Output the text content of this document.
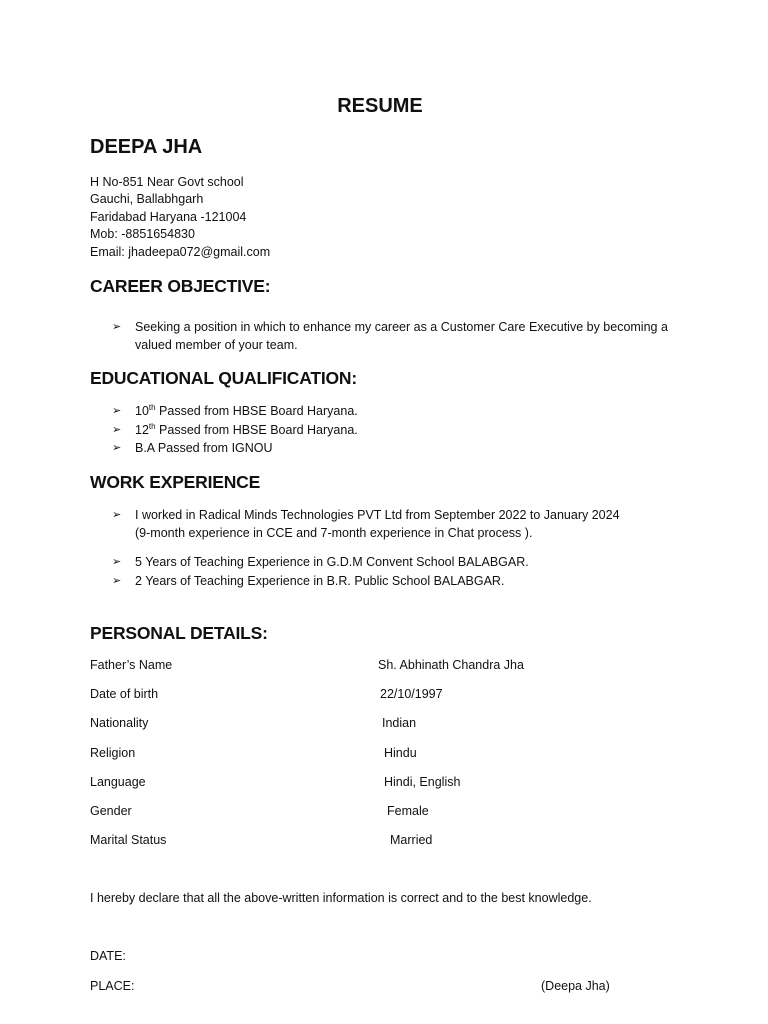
RESUME

DEEPA JHA

H No-851 Near Govt school

Gauchi, Ballabhgarh

Faridabad Haryana -121004

Mob: -8851654830

Email: jhadeepa072@gmail.com

CAREER OBJECTIVE:

➢ Seeking a position in which to enhance my career as a Customer Care Executive by becoming a
valued member of your team.

EDUCATIONAL QUALIFICATION:

➢ 10th Passed from HBSE Board Haryana.
➢ 12th Passed from HBSE Board Haryana.
➢ B.A Passed from IGNOU

WORK EXPERIENCE

➢ I worked in Radical Minds Technologies PVT Ltd from September 2022 to January 2024
(9-month experience in CCE and 7-month experience in Chat process ).
➢ 5 Years of Teaching Experience in G.D.M Convent School BALABGAR.
➢ 2 Years of Teaching Experience in B.R. Public School BALABGAR.

PERSONAL DETAILS:

Father’s Name	Sh. Abhinath Chandra Jha

Date of birth	22/10/1997

Nationality	Indian

Religion	Hindu

Language	Hindi, English

Gender	Female

Marital Status	Married

I hereby declare that all the above-written information is correct and to the best knowledge.

DATE:

PLACE:	(Deepa Jha)
